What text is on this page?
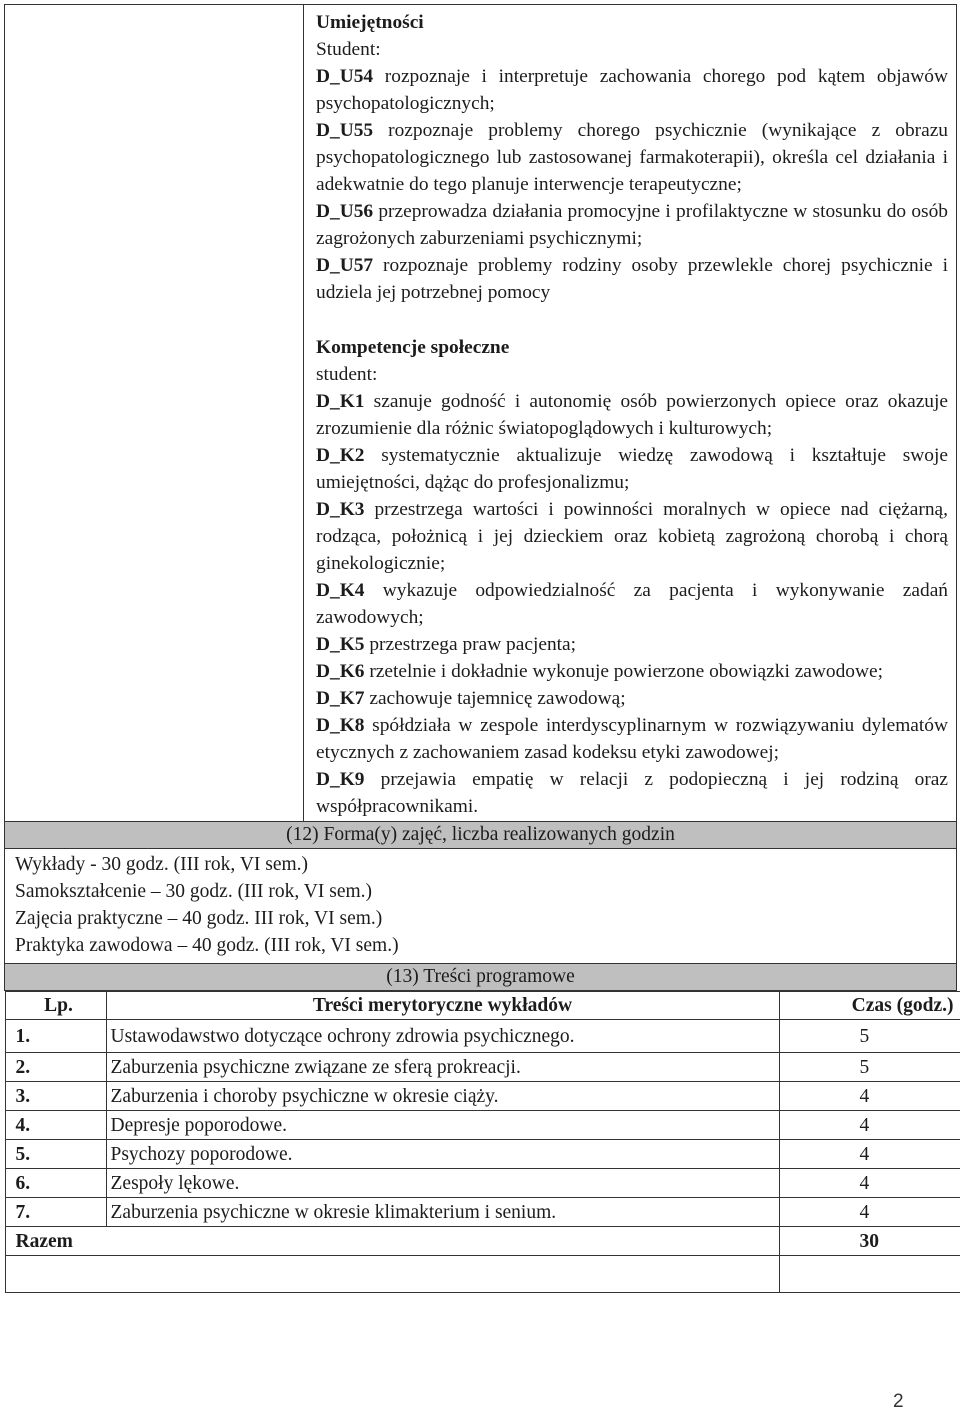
Umiejętności
Student:
D_U54 rozpoznaje i interpretuje zachowania chorego pod kątem objawów psychopatologicznych;
D_U55 rozpoznaje problemy chorego psychicznie (wynikające z obrazu psychopatologicznego lub zastosowanej farmakoterapii), określa cel działania i adekwatnie do tego planuje interwencje terapeutyczne;
D_U56 przeprowadza działania promocyjne i profilaktyczne w stosunku do osób zagrożonych zaburzeniami psychicznymi;
D_U57 rozpoznaje problemy rodziny osoby przewlekle chorej psychicznie i udziela jej potrzebnej pomocy
Kompetencje społeczne
student:
D_K1 szanuje godność i autonomię osób powierzonych opiece oraz okazuje zrozumienie dla różnic światopoglądowych i kulturowych;
D_K2 systematycznie aktualizuje wiedzę zawodową i kształtuje swoje umiejętności, dążąc do profesjonalizmu;
D_K3 przestrzega wartości i powinności moralnych w opiece nad ciężarną, rodząca, położnicą i jej dzieckiem oraz kobietą zagrożoną chorobą i chorą ginekologicznie;
D_K4 wykazuje odpowiedzialność za pacjenta i wykonywanie zadań zawodowych;
D_K5 przestrzega praw pacjenta;
D_K6 rzetelnie i dokładnie wykonuje powierzone obowiązki zawodowe;
D_K7 zachowuje tajemnicę zawodową;
D_K8 spółdziała w zespole interdyscyplinarnym w rozwiązywaniu dylematów etycznych z zachowaniem zasad kodeksu etyki zawodowej;
D_K9 przejawia empatię w relacji z podopieczną i jej rodziną oraz współpracownikami.

(12) Forma(y) zajęć, liczba realizowanych godzin

Wykłady - 30 godz. (III rok, VI sem.)
Samokształcenie – 30 godz. (III rok, VI sem.)
Zajęcia praktyczne – 40 godz. III rok, VI sem.)
Praktyka zawodowa – 40 godz. (III rok, VI sem.)

(13) Treści programowe

Lp.	Treści merytoryczne wykładów	Czas (godz.)
1.	Ustawodawstwo dotyczące ochrony zdrowia psychicznego.	5
2.	Zaburzenia psychiczne związane ze sferą prokreacji.	5
3.	Zaburzenia i choroby psychiczne w okresie ciąży.	4
4.	Depresje poporodowe.	4
5.	Psychozy poporodowe.	4
6.	Zespoły lękowe.	4
7.	Zaburzenia psychiczne w okresie klimakterium i senium.	4
Razem	30

2
